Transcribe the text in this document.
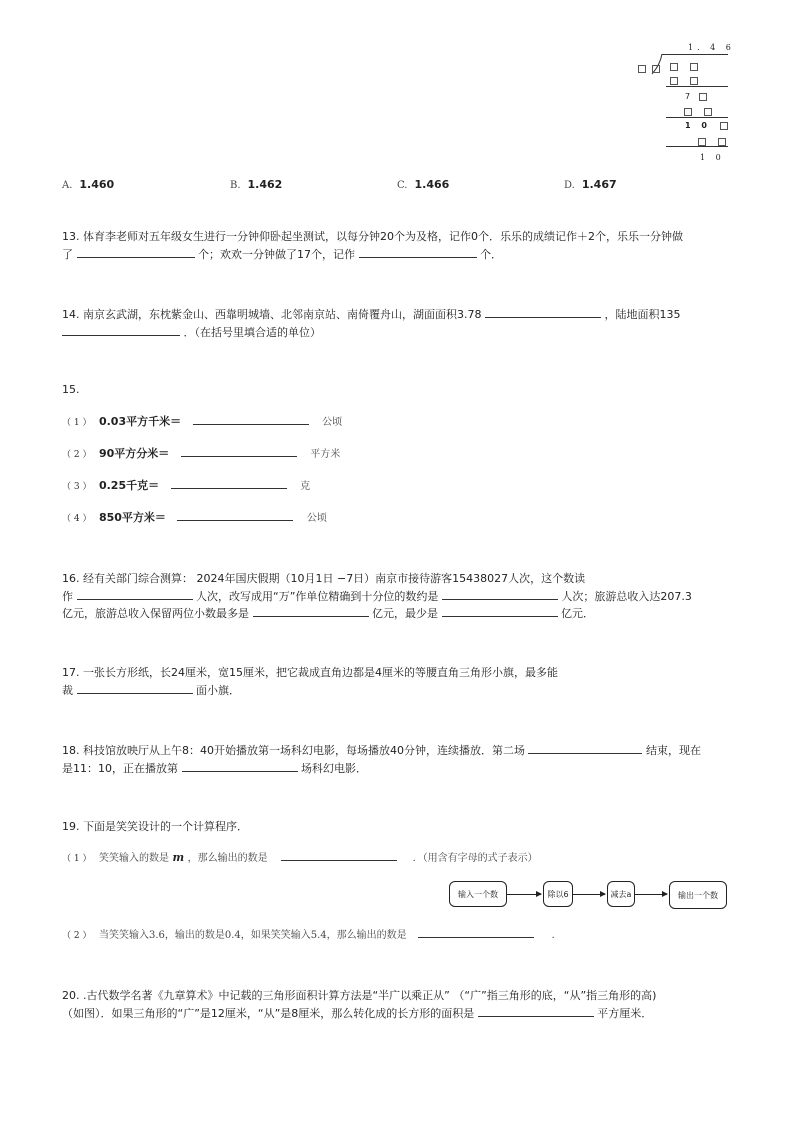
1. 4 6

7

1 0

1 0
A. 1.460	B. 1.462	C. 1.466	D. 1.467
13. 体育李老师对五年级女生进行一分钟仰卧起坐测试，以每分钟20个为及格，记作0个．乐乐的成绩记作＋2个，乐乐一分钟做
了	个；欢欢一分钟做了17个，记作	个．
14. 南京玄武湖，东枕紫金山、西靠明城墙、北邻南京站、南倚覆舟山，湖面面积3.78	，陆地面积135
．（在括号里填合适的单位）
15.
（ 1 ） 0.03平方千米＝	公顷
（ 2 ） 90平方分米＝	平方米
（ 3 ） 0.25千克＝	克
（ 4 ） 850平方米＝	公顷
16. 经有关部门综合测算： 2024年国庆假期（10月1日 −7日）南京市接待游客15438027人次，这个数读
作	人次，改写成用“万”作单位精确到十分位的数约是	人次；旅游总收入达207.3
亿元，旅游总收入保留两位小数最多是	亿元，最少是	亿元．
17. 一张长方形纸，长24厘米，宽15厘米，把它裁成直角边都是4厘米的等腰直角三角形小旗，最多能
裁	面小旗．
18. 科技馆放映厅从上午8：40开始播放第一场科幻电影，每场播放40分钟，连续播放．第二场	结束，现在
是11：10，正在播放第	场科幻电影．
19. 下面是笑笑设计的一个计算程序．
（ 1 ） 笑笑输入的数是 m ，那么输出的数是	．（用含有字母的式子表示）
输入一个数	除以6	减去a	输出一个数
（ 2 ） 当笑笑输入3.6，输出的数是0.4，如果笑笑输入5.4，那么输出的数是	．
20. .古代数学名著《九章算术》中记载的三角形面积计算方法是“半广以乘正从” （“广”指三角形的底，“从”指三角形的高)
（如图）．如果三角形的“广”是12厘米，“从”是8厘米，那么转化成的长方形的面积是	平方厘米．
